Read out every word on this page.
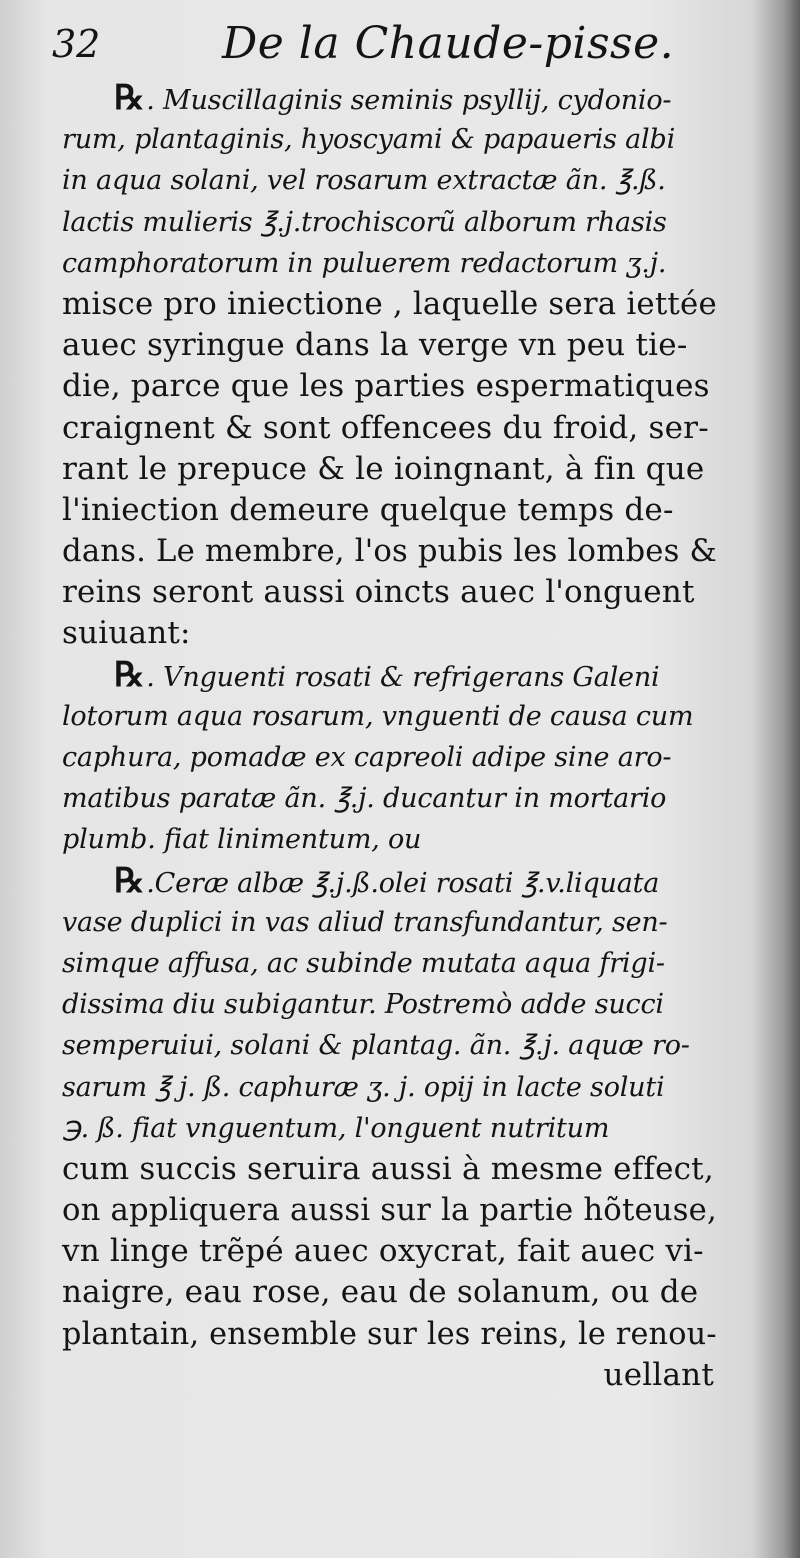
32	De la Chaude-pisse.
℞. Muscillaginis seminis psyllij, cydonio-
rum, plantaginis, hyoscyami & papaueris albi
in aqua solani, vel rosarum extractæ ãn. ℥.ß.
lactis mulieris ℥.j.trochiscorũ alborum rhasis
camphoratorum in puluerem redactorum ʒ.j.
misce pro iniectione , laquelle sera iettée
auec syringue dans la verge vn peu tie-
die, parce que les parties espermatiques
craignent & sont offencees du froid, ser-
rant le prepuce & le ioingnant, à fin que
l'iniection demeure quelque temps de-
dans. Le membre, l'os pubis les lombes &
reins seront aussi oincts auec l'onguent
suiuant:
℞. Vnguenti rosati & refrigerans Galeni
lotorum aqua rosarum, vnguenti de causa cum
caphura, pomadæ ex capreoli adipe sine aro-
matibus paratæ ãn. ℥.j. ducantur in mortario
plumb. fiat linimentum, ou
℞.Ceræ albæ ℥.j.ß.olei rosati ℥.v.liquata
vase duplici in vas aliud transfundantur, sen-
simque affusa, ac subinde mutata aqua frigi-
dissima diu subigantur. Postremò adde succi
semperuiui, solani & plantag. ãn. ℥.j. aquæ ro-
sarum ℥ j. ß. caphuræ ʒ. j. opij in lacte soluti
℈. ß. fiat vnguentum, l'onguent nutritum
cum succis seruira aussi à mesme effect,
on appliquera aussi sur la partie hõteuse,
vn linge trẽpé auec oxycrat, fait auec vi-
naigre, eau rose, eau de solanum, ou de
plantain, ensemble sur les reins, le renou-
uellant
